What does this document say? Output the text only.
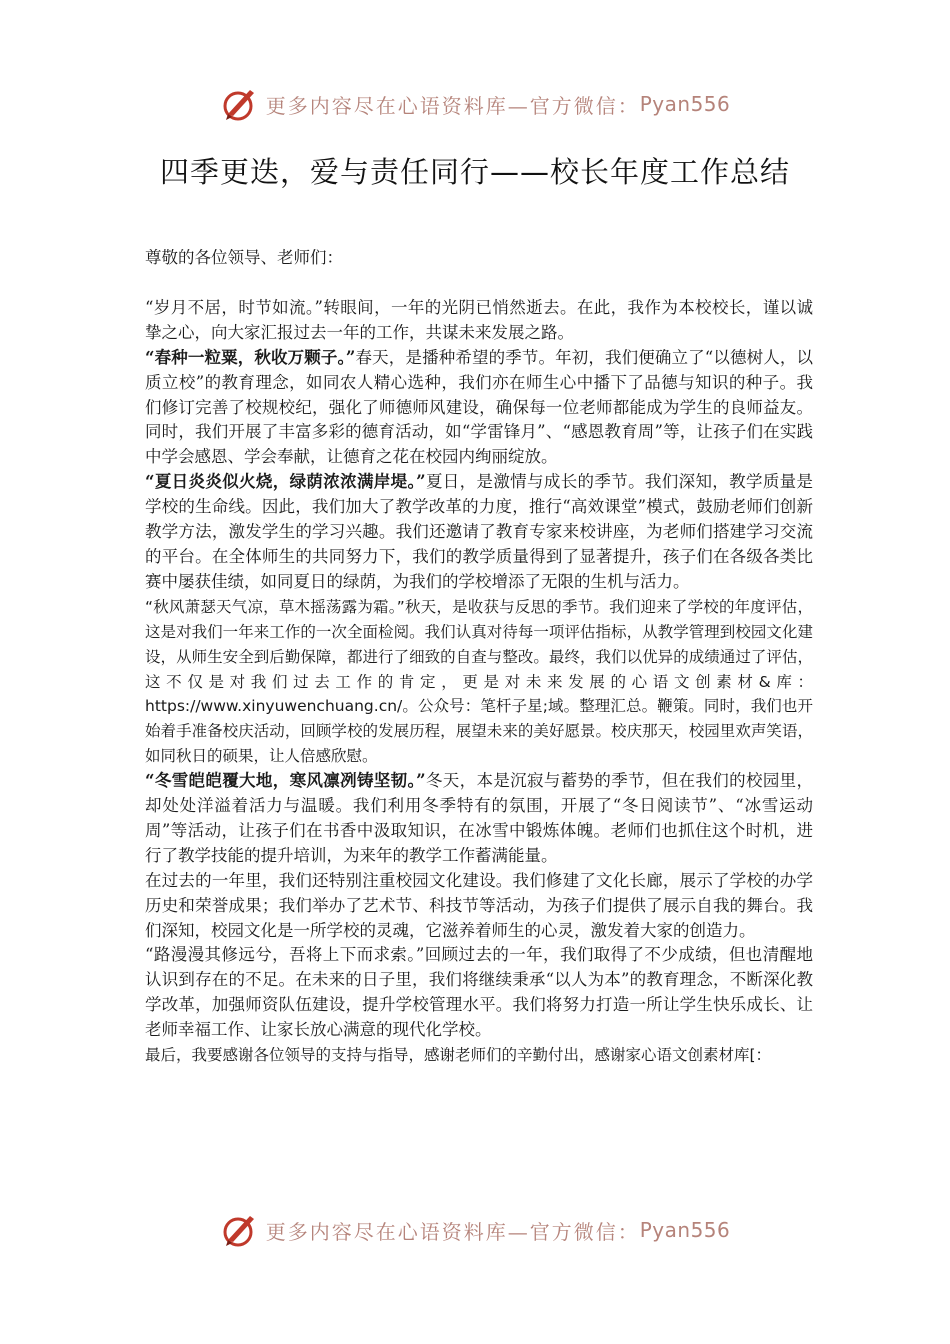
更多内容尽在心语资料库—官方微信： Pyan556
四季更迭，爱与责任同行——校长年度工作总结

尊敬的各位领导、老师们：

“岁月不居，时节如流。”转眼间，一年的光阴已悄然逝去。在此，我作为本校校长，谨以诚挚之心，向大家汇报过去一年的工作，共谋未来发展之路。

“春种一粒粟，秋收万颗子。”春天，是播种希望的季节。年初，我们便确立了“以德树人，以质立校”的教育理念，如同农人精心选种，我们亦在师生心中播下了品德与知识的种子。我们修订完善了校规校纪，强化了师德师风建设，确保每一位老师都能成为学生的良师益友。同时，我们开展了丰富多彩的德育活动，如“学雷锋月”、“感恩教育周”等，让孩子们在实践中学会感恩、学会奉献，让德育之花在校园内绚丽绽放。

“夏日炎炎似火烧，绿荫浓浓满岸堤。”夏日，是激情与成长的季节。我们深知，教学质量是学校的生命线。因此，我们加大了教学改革的力度，推行“高效课堂”模式，鼓励老师们创新教学方法，激发学生的学习兴趣。我们还邀请了教育专家来校讲座，为老师们搭建学习交流的平台。在全体师生的共同努力下，我们的教学质量得到了显著提升，孩子们在各级各类比赛中屡获佳绩，如同夏日的绿荫，为我们的学校增添了无限的生机与活力。

“秋风萧瑟天气凉，草木摇荡露为霜。”秋天，是收获与反思的季节。我们迎来了学校的年度评估，这是对我们一年来工作的一次全面检阅。我们认真对待每一项评估指标，从教学管理到校园文化建设，从师生安全到后勤保障，都进行了细致的自查与整改。最终，我们以优异的成绩通过了评估，这不仅是对我们过去工作的肯定，更是对未来发展的心语文创素材&库：https://www.xinyuwenchuang.cn/。公众号：笔杆子星;域。整理汇总。鞭策。同时，我们也开始着手准备校庆活动，回顾学校的发展历程，展望未来的美好愿景。校庆那天，校园里欢声笑语，如同秋日的硕果，让人倍感欣慰。

“冬雪皑皑覆大地，寒风凛冽铸坚韧。”冬天，本是沉寂与蓄势的季节，但在我们的校园里，却处处洋溢着活力与温暖。我们利用冬季特有的氛围，开展了“冬日阅读节”、“冰雪运动周”等活动，让孩子们在书香中汲取知识，在冰雪中锻炼体魄。老师们也抓住这个时机，进行了教学技能的提升培训，为来年的教学工作蓄满能量。

在过去的一年里，我们还特别注重校园文化建设。我们修建了文化长廊，展示了学校的办学历史和荣誉成果；我们举办了艺术节、科技节等活动，为孩子们提供了展示自我的舞台。我们深知，校园文化是一所学校的灵魂，它滋养着师生的心灵，激发着大家的创造力。

“路漫漫其修远兮，吾将上下而求索。”回顾过去的一年，我们取得了不少成绩，但也清醒地认识到存在的不足。在未来的日子里，我们将继续秉承“以人为本”的教育理念，不断深化教学改革，加强师资队伍建设，提升学校管理水平。我们将努力打造一所让学生快乐成长、让老师幸福工作、让家长放心满意的现代化学校。

最后，我要感谢各位领导的支持与指导，感谢老师们的辛勤付出，感谢家心语文创素材库[：

更多内容尽在心语资料库—官方微信： Pyan556
